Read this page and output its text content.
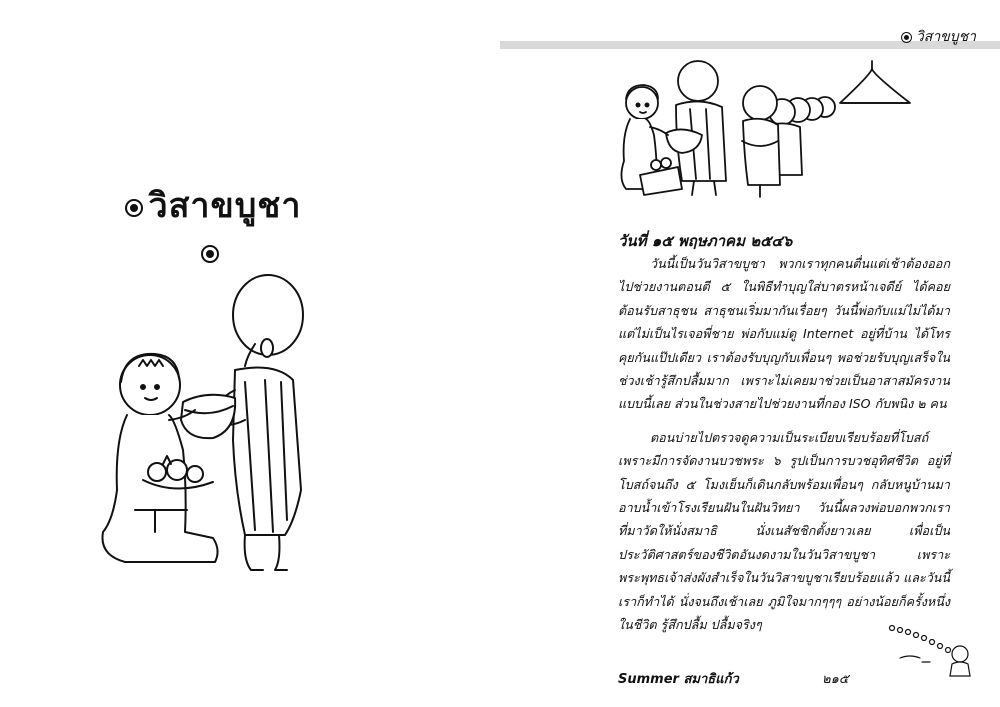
วิสาขบูชา
วิสาขบูชา
วันที่ ๑๕ พฤษภาคม ๒๕๔๖

วันนี้เป็นวันวิสาขบูชา พวกเราทุกคนตื่นแต่เช้าต้องออกไปช่วยงานตอนตี ๕ ในพิธีทำบุญใส่บาตรหน้าเจดีย์ ได้คอยต้อนรับสาธุชน สาธุชนเริ่มมากันเรื่อยๆ วันนี้พ่อกับแม่ไม่ได้มาแต่ไม่เป็นไรเจอพี่ชาย พ่อกับแม่ดู Internet อยู่ที่บ้าน ได้โทรคุยกันแป๊ปเดียว เราต้องรับบุญกับเพื่อนๆ พอช่วยรับบุญเสร็จในช่วงเช้ารู้สึกปลื้มมาก เพราะไม่เคยมาช่วยเป็นอาสาสมัครงานแบบนี้เลย ส่วนในช่วงสายไปช่วยงานที่กอง ISO กับพนิง ๒ คน

ตอนบ่ายไปตรวจดูความเป็นระเบียบเรียบร้อยที่โบสถ์เพราะมีการจัดงานบวชพระ ๖ รูปเป็นการบวชอุทิศชีวิต อยู่ที่โบสถ์จนถึง ๕ โมงเย็นก็เดินกลับพร้อมเพื่อนๆ กลับหนูบ้านมาอาบน้ำเข้าโรงเรียนฝันในฝันวิทยา วันนี้ผลวงพ่อบอกพวกเราที่มาวัดให้นั่งสมาธิ นั่งเนสัชชิกตั้งยาวเลย เพื่อเป็นประวัติศาสตร์ของชีวิตอันงดงามในวันวิสาขบูชา เพราะพระพุทธเจ้าส่งผังสำเร็จในวันวิสาขบูชาเรียบร้อยแล้ว และวันนี้เราก็ทำได้ นั่งจนถึงเช้าเลย ภูมิใจมากๆๆๆ อย่างน้อยก็ครั้งหนึ่งในชีวิต รู้สึกปลื้ม ปลื้มจริงๆ

Summer สมาธิแก้ว	๒๑๕
